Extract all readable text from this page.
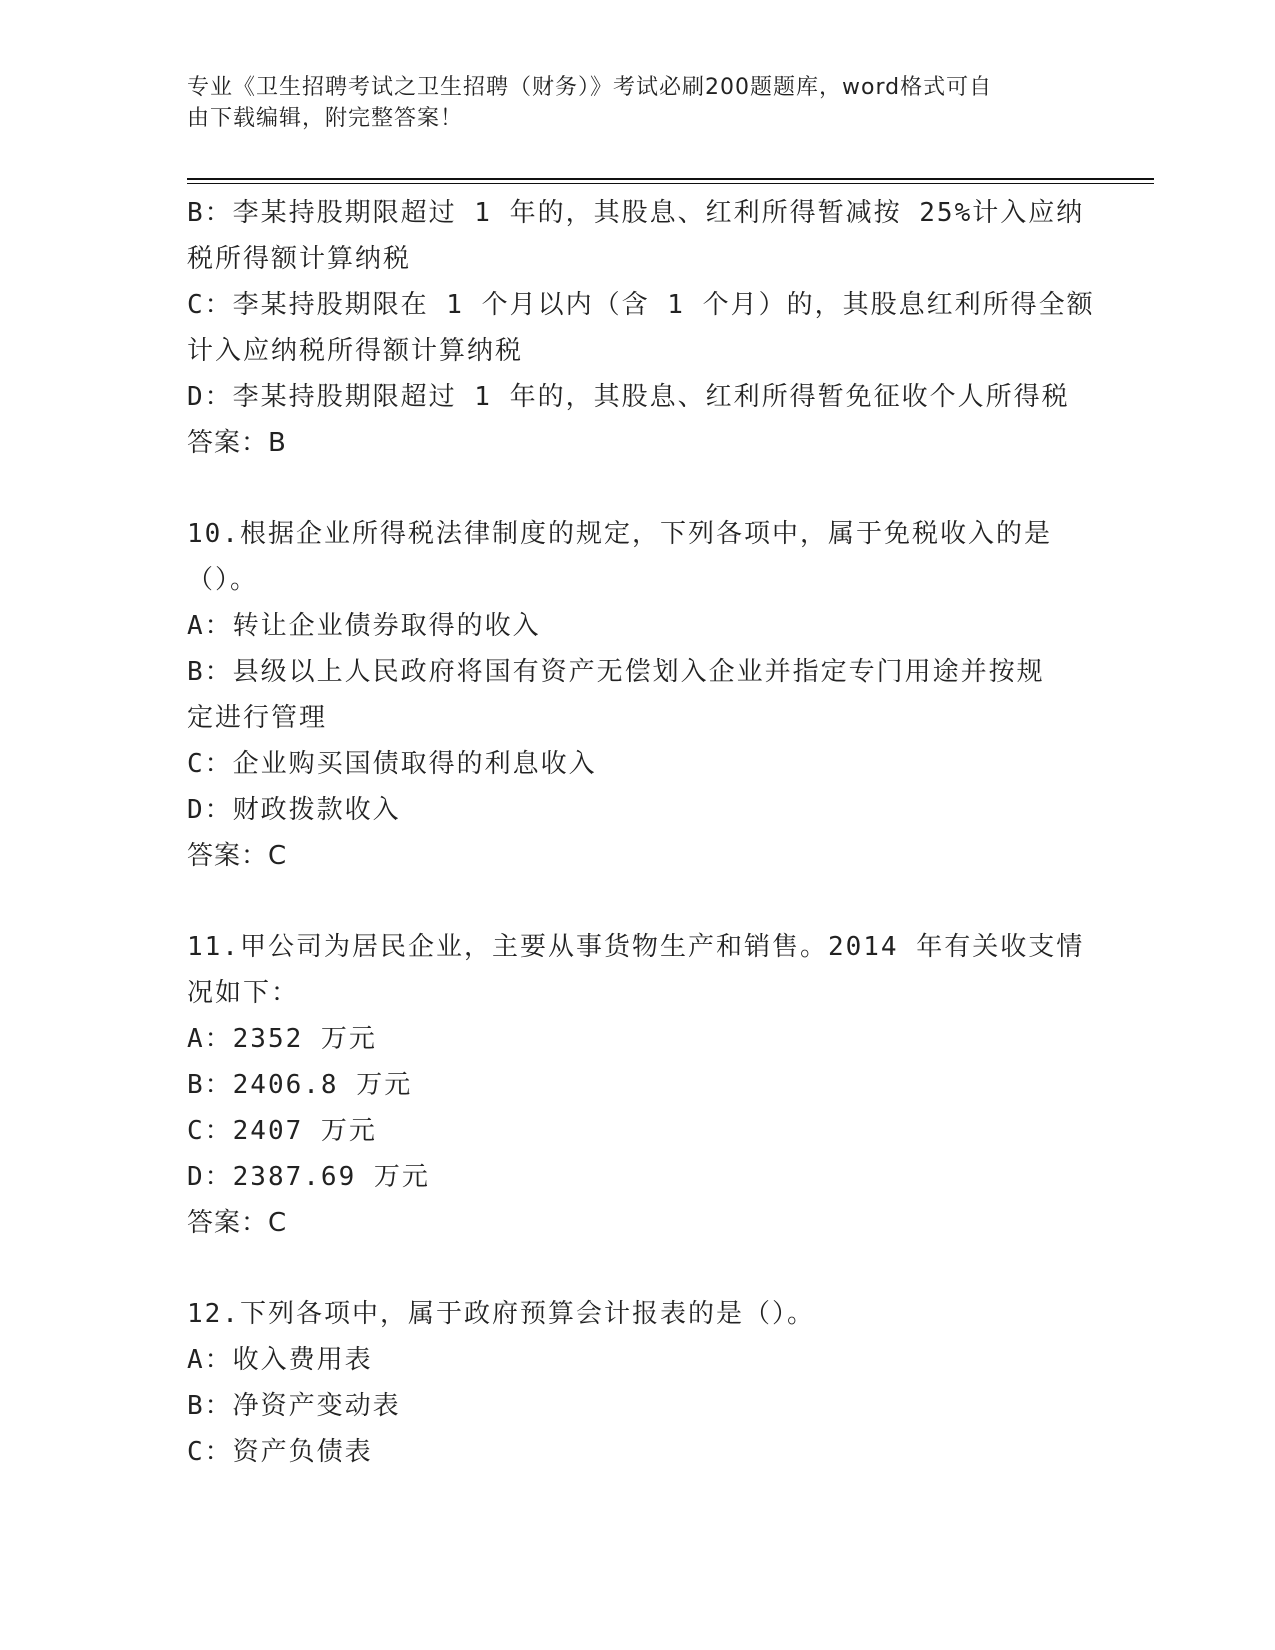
专业《卫生招聘考试之卫生招聘（财务）》考试必刷200题题库，word格式可自
由下载编辑，附完整答案！

B：李某持股期限超过 1 年的，其股息、红利所得暂减按 25%计入应纳

税所得额计算纳税

C：李某持股期限在 1 个月以内（含 1 个月）的，其股息红利所得全额

计入应纳税所得额计算纳税

D：李某持股期限超过 1 年的，其股息、红利所得暂免征收个人所得税

答案：B

10.根据企业所得税法律制度的规定，下列各项中，属于免税收入的是

（）。

A：转让企业债券取得的收入

B：县级以上人民政府将国有资产无偿划入企业并指定专门用途并按规

定进行管理

C：企业购买国债取得的利息收入

D：财政拨款收入

答案：C

11.甲公司为居民企业，主要从事货物生产和销售。2014 年有关收支情

况如下：

A：2352 万元

B：2406.8 万元

C：2407 万元

D：2387.69 万元

答案：C

12.下列各项中，属于政府预算会计报表的是（）。

A：收入费用表

B：净资产变动表

C：资产负债表
